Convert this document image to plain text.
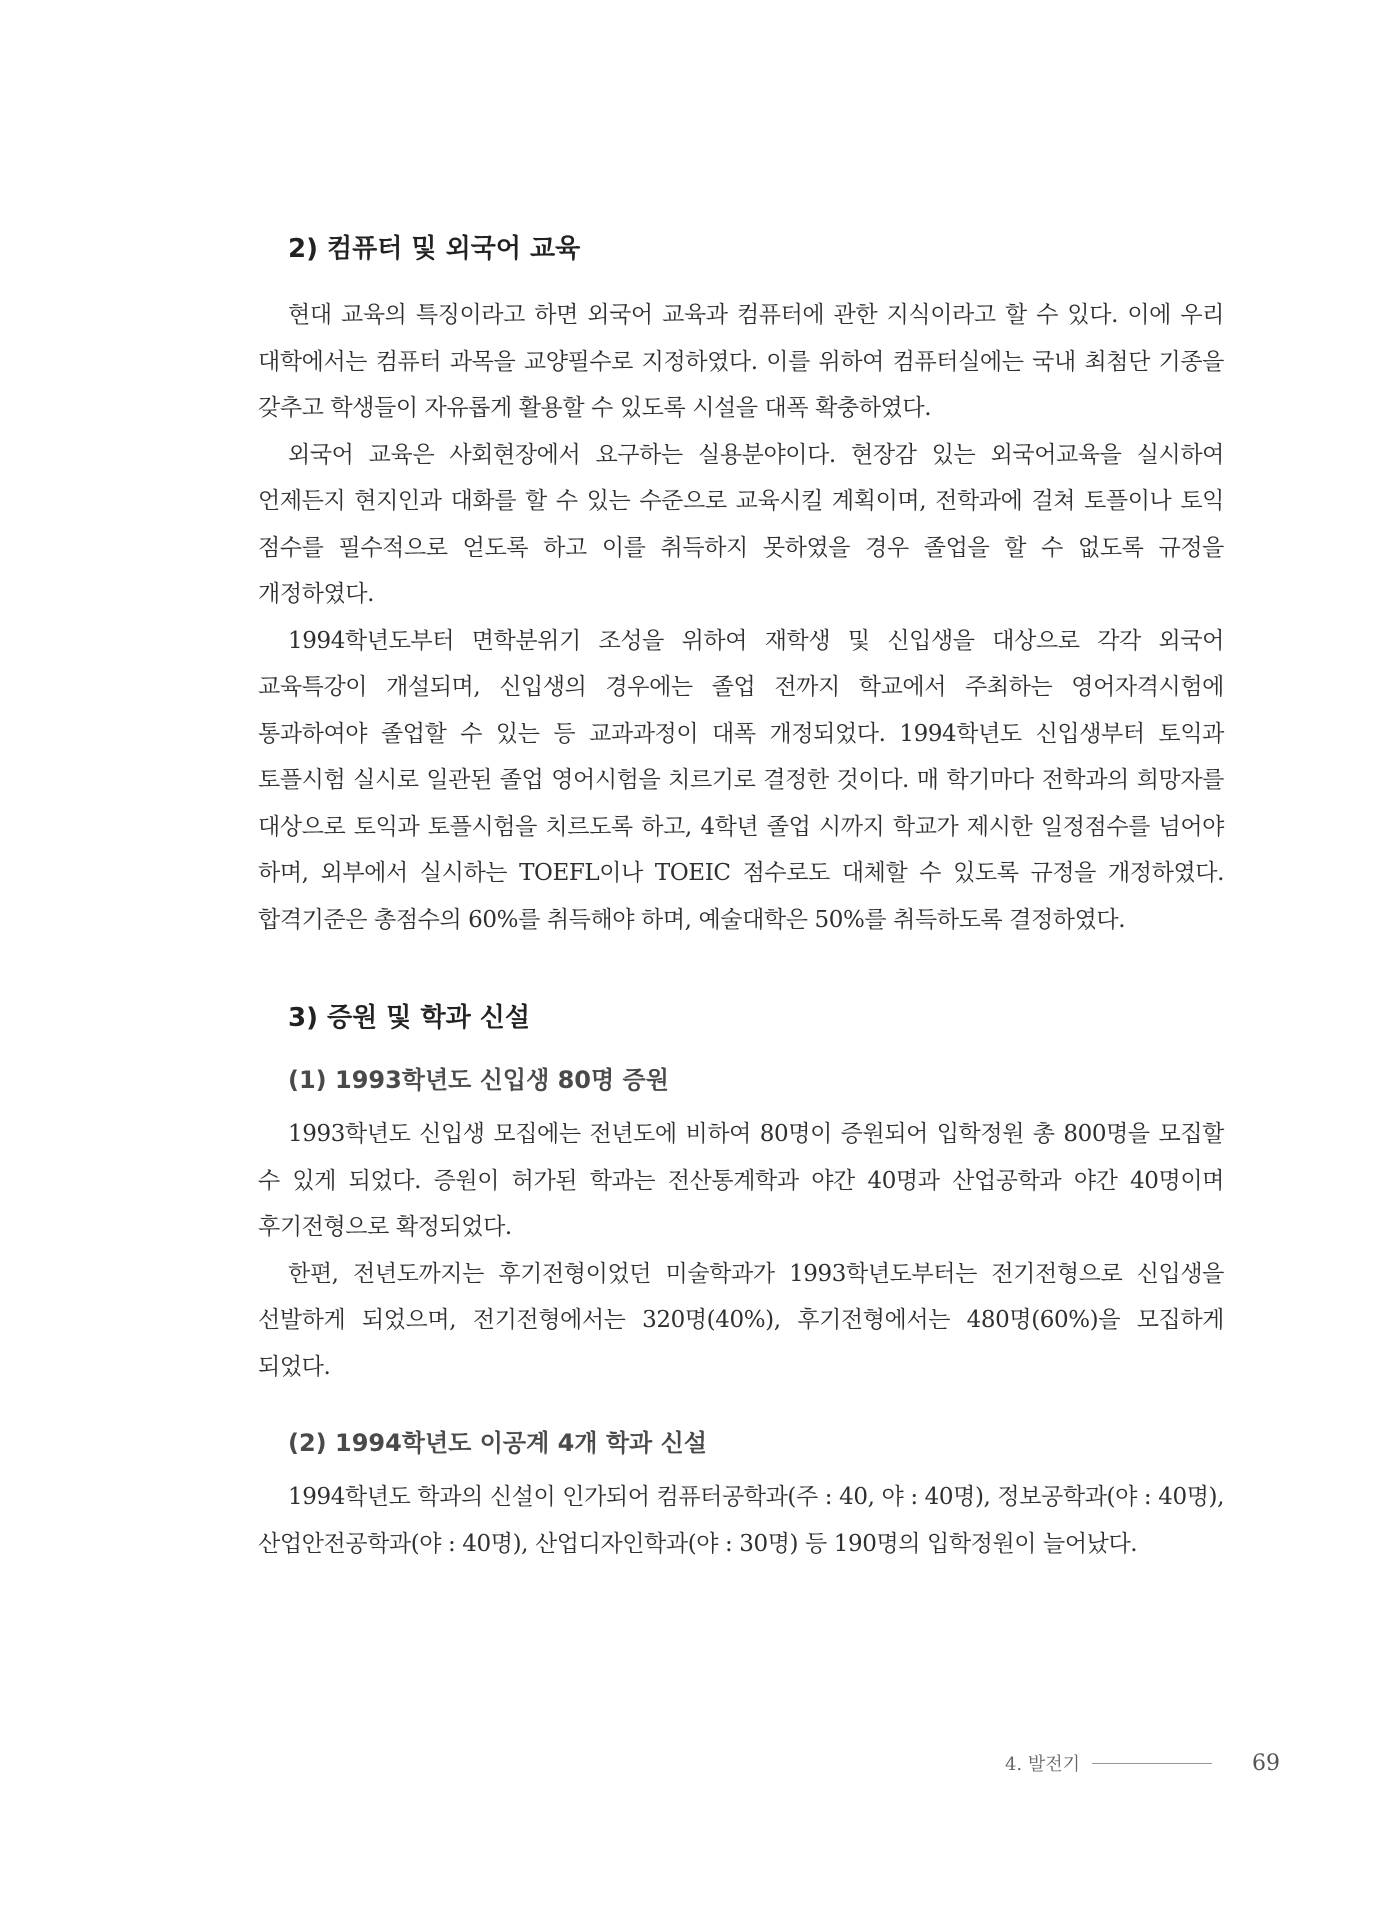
2) 컴퓨터 및 외국어 교육

현대 교육의 특징이라고 하면 외국어 교육과 컴퓨터에 관한 지식이라고 할 수 있다. 이에 우리 대학에서는 컴퓨터 과목을 교양필수로 지정하였다. 이를 위하여 컴퓨터실에는 국내 최첨단 기종을 갖추고 학생들이 자유롭게 활용할 수 있도록 시설을 대폭 확충하였다.

외국어 교육은 사회현장에서 요구하는 실용분야이다. 현장감 있는 외국어교육을 실시하여 언제든지 현지인과 대화를 할 수 있는 수준으로 교육시킬 계획이며, 전학과에 걸쳐 토플이나 토익 점수를 필수적으로 얻도록 하고 이를 취득하지 못하였을 경우 졸업을 할 수 없도록 규정을 개정하였다.

1994학년도부터 면학분위기 조성을 위하여 재학생 및 신입생을 대상으로 각각 외국어 교육특강이 개설되며, 신입생의 경우에는 졸업 전까지 학교에서 주최하는 영어자격시험에 통과하여야 졸업할 수 있는 등 교과과정이 대폭 개정되었다. 1994학년도 신입생부터 토익과 토플시험 실시로 일관된 졸업 영어시험을 치르기로 결정한 것이다. 매 학기마다 전학과의 희망자를 대상으로 토익과 토플시험을 치르도록 하고, 4학년 졸업 시까지 학교가 제시한 일정점수를 넘어야 하며, 외부에서 실시하는 TOEFL이나 TOEIC 점수로도 대체할 수 있도록 규정을 개정하였다. 합격기준은 총점수의 60%를 취득해야 하며, 예술대학은 50%를 취득하도록 결정하였다.

3) 증원 및 학과 신설
(1) 1993학년도 신입생 80명 증원

1993학년도 신입생 모집에는 전년도에 비하여 80명이 증원되어 입학정원 총 800명을 모집할 수 있게 되었다. 증원이 허가된 학과는 전산통계학과 야간 40명과 산업공학과 야간 40명이며 후기전형으로 확정되었다.

한편, 전년도까지는 후기전형이었던 미술학과가 1993학년도부터는 전기전형으로 신입생을 선발하게 되었으며, 전기전형에서는 320명(40%), 후기전형에서는 480명(60%)을 모집하게 되었다.

(2) 1994학년도 이공계 4개 학과 신설

1994학년도 학과의 신설이 인가되어 컴퓨터공학과(주 : 40, 야 : 40명), 정보공학과(야 : 40명), 산업안전공학과(야 : 40명), 산업디자인학과(야 : 30명) 등 190명의 입학정원이 늘어났다.

4. 발전기	69
